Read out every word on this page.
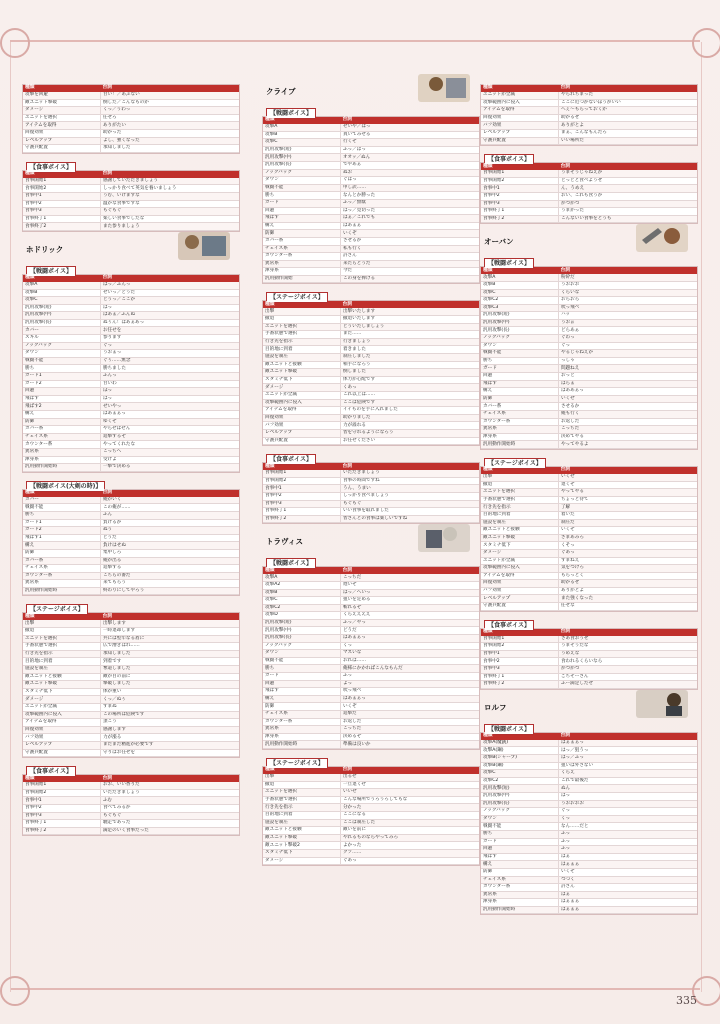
種類	台詞
攻撃を回避	甘い！／あぶない
敵ユニット撃破	倒した／こんなものか
ダメージ	くっ／うわっ
ユニットを選択	任せろ
アイテムを取得	ありがたい
回復効果	助かった
レベルアップ	よし、強くなった
守護兵配置	承知しました
【食事ボイス】
種類	台詞
食事開始1	感謝していただきましょう
食事開始2	しっかり食べて英気を養いましょう
食事中1	うむ、いけますな
食事中2	温かな食事ですな
食事中3	もぐもぐ
食事終了1	楽しい食事でしたな
食事終了2	また参りましょう
ホドリック
【戦闘ボイス】
種類	台詞
攻撃A	はっ／ふんっ
攻撃B	せいっ／どうだ
攻撃C	とうっ／ここか
汎用攻撃(短)	はっ
汎用攻撃(中)	はあぁ／ふんぬ
汎用攻撃(長)	ぬぅん！はあぁあっ
カバー	お任せを
スキル	参ります
ノックバック	ぐっ
ダウン	うおぁっ
戦闘不能	ぐぅ……無念
勝ち	勝ちました
ガード1	ふんっ
ガード2	甘いわ
回避	ほっ
飛ばす	はっ
飛ばす2	せいやっ
構え	はあぁぁっ
防御	ゆくぞ
カバー系	やらせはせん
チェイス系	追撃するぞ
カウンター系	やってくれたな
異常系	こっちへ
渾身系	受けよ
汎用動作開始時	一撃で決める
【戦闘ボイス(大剣の時)】
種類	台詞
カバー	俺がいく
戦闘不能	この俺が……
勝ち	ふん
ガード1	負けるか
ガード2	ぬう
飛ばす1	どうだ
構え	負けはせぬ
防御	集中しろ
カバー系	俺が出る
チェイス系	追撃する
カウンター系	こちらの番だ
異常系	来てもらう
汎用動作開始時	終わりにしてやろう
【ステージボイス】
種類	台詞
出撃	出撃します
撤退	一時退却します
ユニットを選択	共には堅牢なる盾に
手番状態で選択	広で漕ぎはれ……
行き先を指示	承知しました
目的地に到着	到着です
施設を制圧	奪還しました
敵ユニットと接触	敵が目の前に
敵ユニット撃破	撃破しました
スタミナ低下	体が重い
ダメージ	くっ／ぬぅ
ユニットが全滅	すまぬ
攻撃範囲内に侵入	この場所は危険です
アイテムを取得	頂こう
回復効果	感謝します
バフ効果	力が漲る
レベルアップ	まだまだ精進が必要です
守護兵配置	守りはお任せを
【食事ボイス】
種類	台詞
食事開始1	おお、いい香りだ
食事開始2	いただきましょう
食事中1	ふむ
食事中2	食べてみるか
食事中3	もぐもぐ
食事終了1	馳走であった
食事終了2	満足のいく食事だった
クライブ
【戦闘ボイス】
種類	台詞
攻撃A	せいや／はっ
攻撃B	貫いてみせる
攻撃C	行くぞ
汎用攻撃(短)	ふっ／はっ
汎用攻撃(中)	オオッ／ぬん
汎用攻撃(長)	でやあぁ
ノックバック	ぬお
ダウン	ぐはっ
戦闘不能	申し訳……
勝ち	なんとか勝った
ガード	ふっ／無駄
回避	はっ／見切った
飛ばす	はぁ／これでも
構え	はあぁぁ
防御	いくぞ
カバー系	させるか
チェイス系	私も行く
カウンター系	許さん
異常系	来たらどうだ
渾身系	今だ
汎用動作開始	この身を捧げる
【ステージボイス】
種類	台詞
出撃	出撃いたします
撤退	撤退いたします
ユニットを選択	どういたしましょう
手番状態で選択	まだ……
行き先を指示	行きましょう
目的地に到着	着きました
施設を制圧	制圧しました
敵ユニットと接触	相手になろう
敵ユニット撃破	倒しました
スタミナ低下	体力が心配です
ダメージ	くあっ
ユニットが全滅	これ以上は……
攻撃範囲内に侵入	ここは危険です
アイテムを取得	イイものを手に入れました
回復効果	助かりました
バフ効果	力が溢れる
レベルアップ	皆を守れるようになろう
守護兵配置	お任せください
【食事ボイス】
種類	台詞
食事開始1	いただきましょう
食事開始2	食事の時間ですね
食事中1	うん、うまい
食事中2	しっかり食べましょう
食事中3	もぐもぐ
食事終了1	いい食事を取れました
食事終了2	皆さんとの食事は楽しいですね
トラヴィス
【戦闘ボイス】
種類	台詞
攻撃A	こっちだ
攻撃A2	遅いぞ
攻撃B	はっ／へいっ
攻撃C	狙いを定める
攻撃C2	斬れるぞ
攻撃D	くらええええ
汎用攻撃(短)	ふっ／やっ
汎用攻撃(中)	どうだ
汎用攻撃(長)	はあぁぁっ
ノックバック	くっ
ダウン	マズいな
戦闘不能	おれは……
勝ち	俺様にかかればこんなもんだ
ガード	ふっ
回避	よっ
飛ばす	吹っ飛べ
構え	はあぁぁっ
防御	いくぞ
チェイス系	追撃だ
カウンター系	お返しだ
異常系	こっちだ
渾身系	決めるぞ
汎用動作開始時	準備は良いか
【ステージボイス】
種類	台詞
出撃	出るぜ
撤退	一旦退くぜ
ユニットを選択	いいぜ
手番状態で選択	こんな場所でうろうろしてもな
行き先を指示	分かった
目的地に到着	ここになる
施設を制圧	ここは制圧した
敵ユニットと接触	敵いを前に
敵ユニット撃破	やれるものならやってみろ
敵ユニット撃破2	よかった
スタミナ低下	クソ……
ダメージ	ぐあっ
種類	台詞
ユニットが全滅	やられちまった
攻撃範囲内に侵入	ここに近づかないほうがいい
アイテムを取得	へぇ～もらっておくか
回復効果	助かるぜ
バフ効果	ありがとよ
レベルアップ	まぁ、こんなもんだろ
守護兵配置	いい場所だ
【食事ボイス】
種類	台詞
食事開始1	うまそうじゃねえか
食事開始2	とっとと食べようぜ
食事中1	ん、うめえ
食事中2	おい、これも食うか
食事中3	がつがつ
食事終了1	うまかった
食事終了2	こんないい食事をどうも
オーバン
【戦闘ボイス】
種類	台詞
攻撃A	粉砕だ
攻撃B	うおおお
攻撃C	くらいな
攻撃C2	おらおら
攻撃C3	吹っ飛べ
汎用攻撃(短)	ハッ
汎用攻撃(中)	うおぉ
汎用攻撃(長)	どらあぁ
ノックバック	ぐわっ
ダウン	ぐっ
戦闘不能	やるじゃねえか
勝ち	っしゃ
ガード	問題ねえ
回避	おっと
飛ばす	はらぁ
構え	はああぁっ
防御	いくぜ
カバー系	させるか
チェイス系	俺も行く
カウンター系	お返しだ
異常系	こっちだ
渾身系	決めてやる
汎用動作開始時	やってやるよ
【ステージボイス】
種類	台詞
出撃	いくぜ
撤退	退くぞ
ユニットを選択	やってやる
手番状態で選択	ちょっと待て
行き先を指示	了解
目的地に到着	着いた
施設を制圧	制圧だ
敵ユニットと接触	いくぞ
敵ユニット撃破	ざまあみろ
スタミナ低下	くそっ
ダメージ	ぐあっ
ユニットが全滅	すまねえ
攻撃範囲内に侵入	気をつけろ
アイテムを取得	もらっとく
回復効果	助かるぜ
バフ効果	ありがとよ
レベルアップ	また強くなった
守護兵配置	任せな
【食事ボイス】
種類	台詞
食事開始1	さあ食おうぜ
食事開始2	うまそうだな
食事中1	うめえな
食事中2	食われるくらいなら
食事中3	がつがつ
食事終了1	ごちそーさん
食事終了2	ふー満足したぜ
ロルフ
【戦闘ボイス】
種類	台詞
攻撃A(魔銃)	はぁぁぁっ
攻撃A(鋼)	はっ／狙うっ
攻撃B(シャープ)	はっ／ふっ
攻撃B(鋼)	狙いは外さない
攻撃C	くらえ
攻撃C2	これで最後だ
汎用攻撃(短)	ぬん
汎用攻撃(中)	はっ
汎用攻撃(長)	うおおおお
ノックバック	ぐっ
ダウン	くっ
戦闘不能	なん……だと
勝ち	ふっ
ガード	ふっ
回避	ふっ
飛ばす	はぁ
構え	はぁぁぁ
防御	いくぞ
チェイス系	つづく
カウンター系	許さん
異常系	はぁ
渾身系	はぁぁぁ
汎用動作開始時	はぁぁぁ
335
